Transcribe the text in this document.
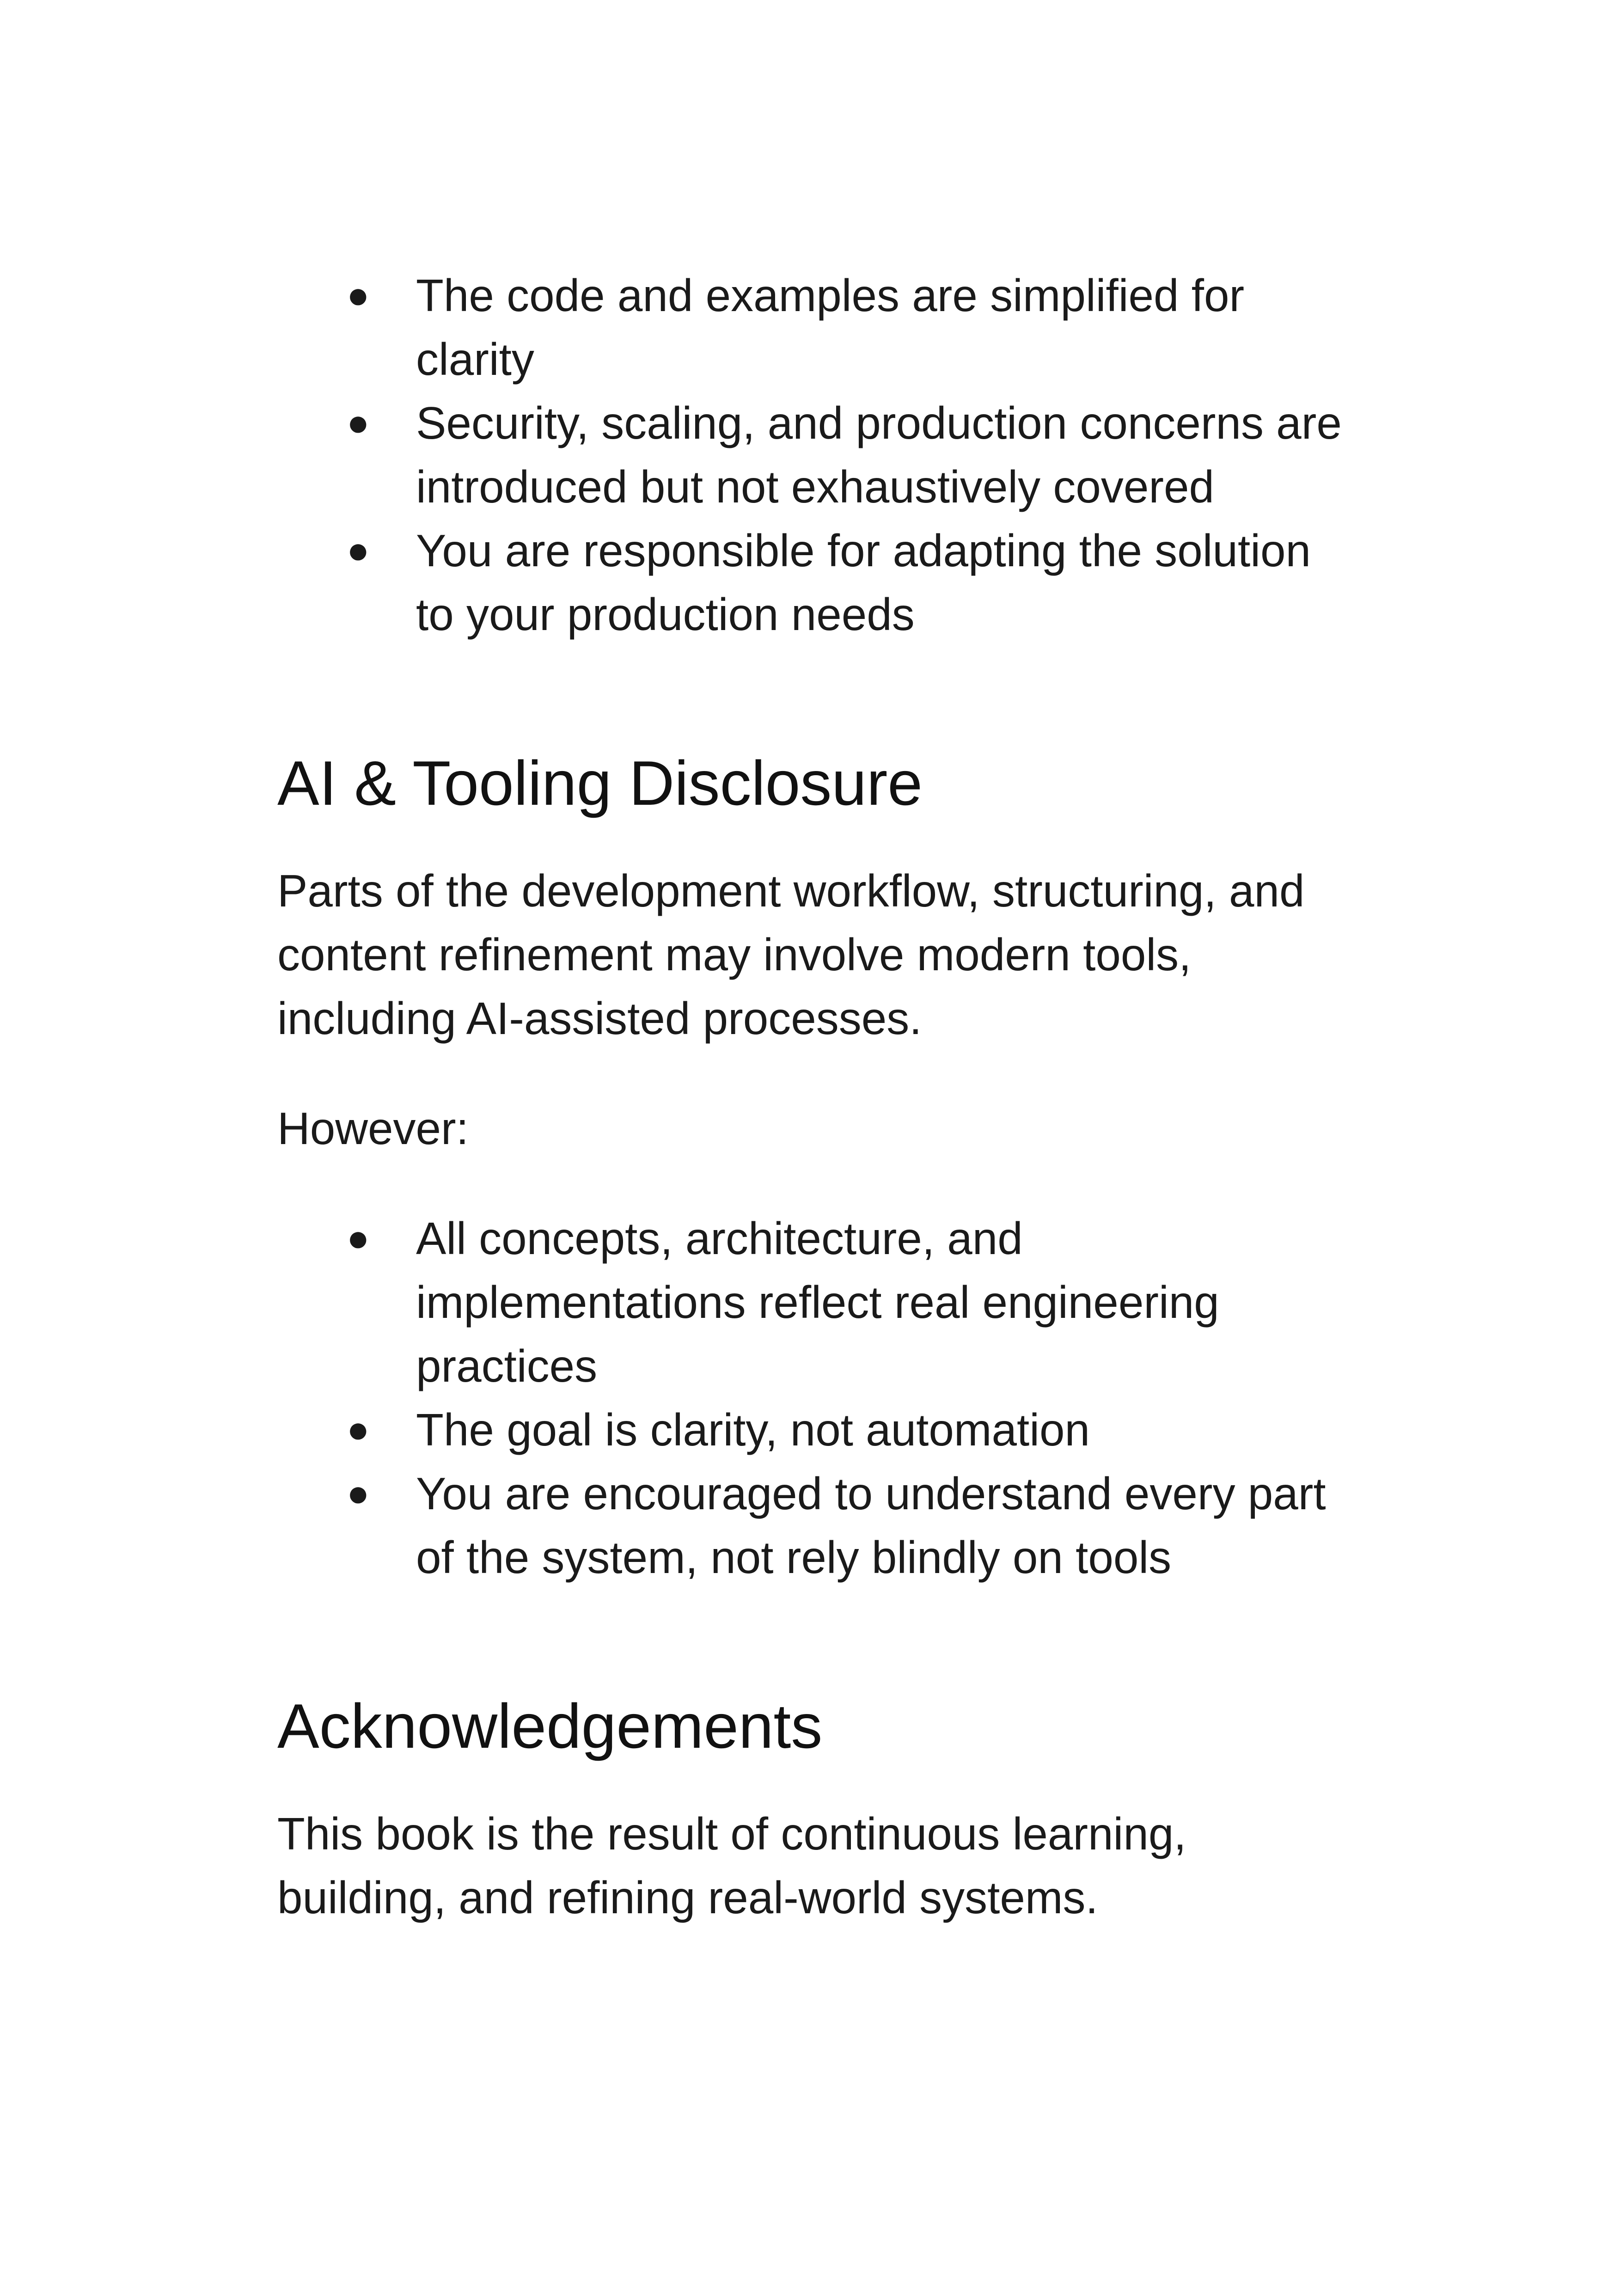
● The code and examples are simplified for clarity
● Security, scaling, and production concerns are introduced but not exhaustively covered
● You are responsible for adapting the solution to your production needs
AI & Tooling Disclosure

Parts of the development workflow, structuring, and content refinement may involve modern tools, including AI-assisted processes.

However:

● All concepts, architecture, and implementations reflect real engineering practices
● The goal is clarity, not automation
● You are encouraged to understand every part of the system, not rely blindly on tools
Acknowledgements

This book is the result of continuous learning, building, and refining real-world systems.
